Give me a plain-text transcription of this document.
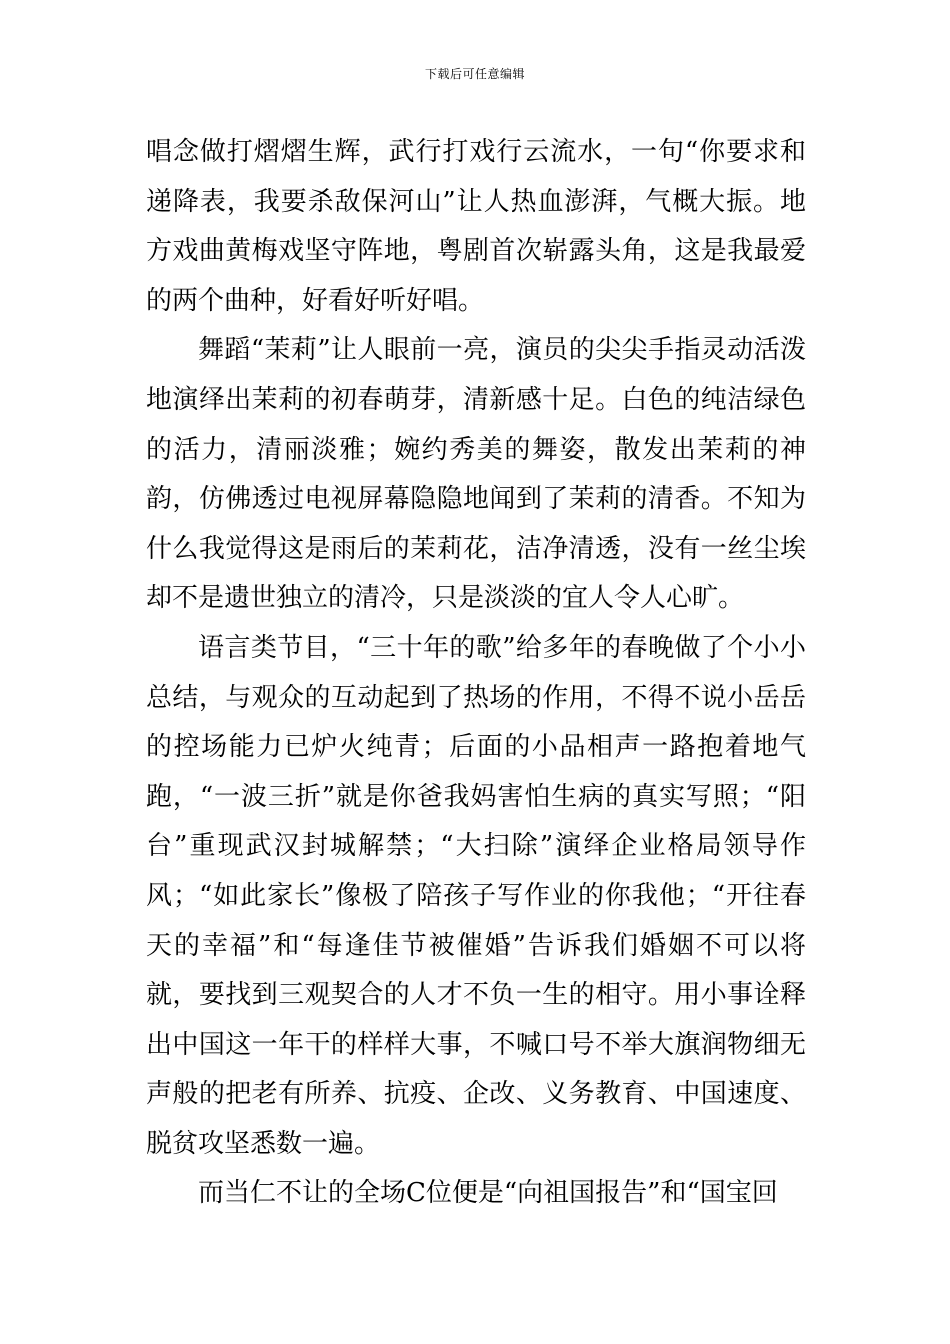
下载后可任意编辑

唱念做打熠熠生辉，武行打戏行云流水，一句“你要求和递降表，我要杀敌保河山”让人热血澎湃，气概大振。地方戏曲黄梅戏坚守阵地，粤剧首次崭露头角，这是我最爱的两个曲种，好看好听好唱。

舞蹈“茉莉”让人眼前一亮，演员的尖尖手指灵动活泼地演绎出茉莉的初春萌芽，清新感十足。白色的纯洁绿色的活力，清丽淡雅；婉约秀美的舞姿，散发出茉莉的神韵，仿佛透过电视屏幕隐隐地闻到了茉莉的清香。不知为什么我觉得这是雨后的茉莉花，洁净清透，没有一丝尘埃却不是遗世独立的清冷，只是淡淡的宜人令人心旷。

语言类节目，“三十年的歌”给多年的春晚做了个小小总结，与观众的互动起到了热场的作用，不得不说小岳岳的控场能力已炉火纯青；后面的小品相声一路抱着地气跑，“一波三折”就是你爸我妈害怕生病的真实写照；“阳台”重现武汉封城解禁；“大扫除”演绎企业格局领导作风；“如此家长”像极了陪孩子写作业的你我他；“开往春天的幸福”和“每逢佳节被催婚”告诉我们婚姻不可以将就，要找到三观契合的人才不负一生的相守。用小事诠释出中国这一年干的样样大事，不喊口号不举大旗润物细无声般的把老有所养、抗疫、企改、义务教育、中国速度、脱贫攻坚悉数一遍。

而当仁不让的全场C位便是“向祖国报告”和“国宝回
